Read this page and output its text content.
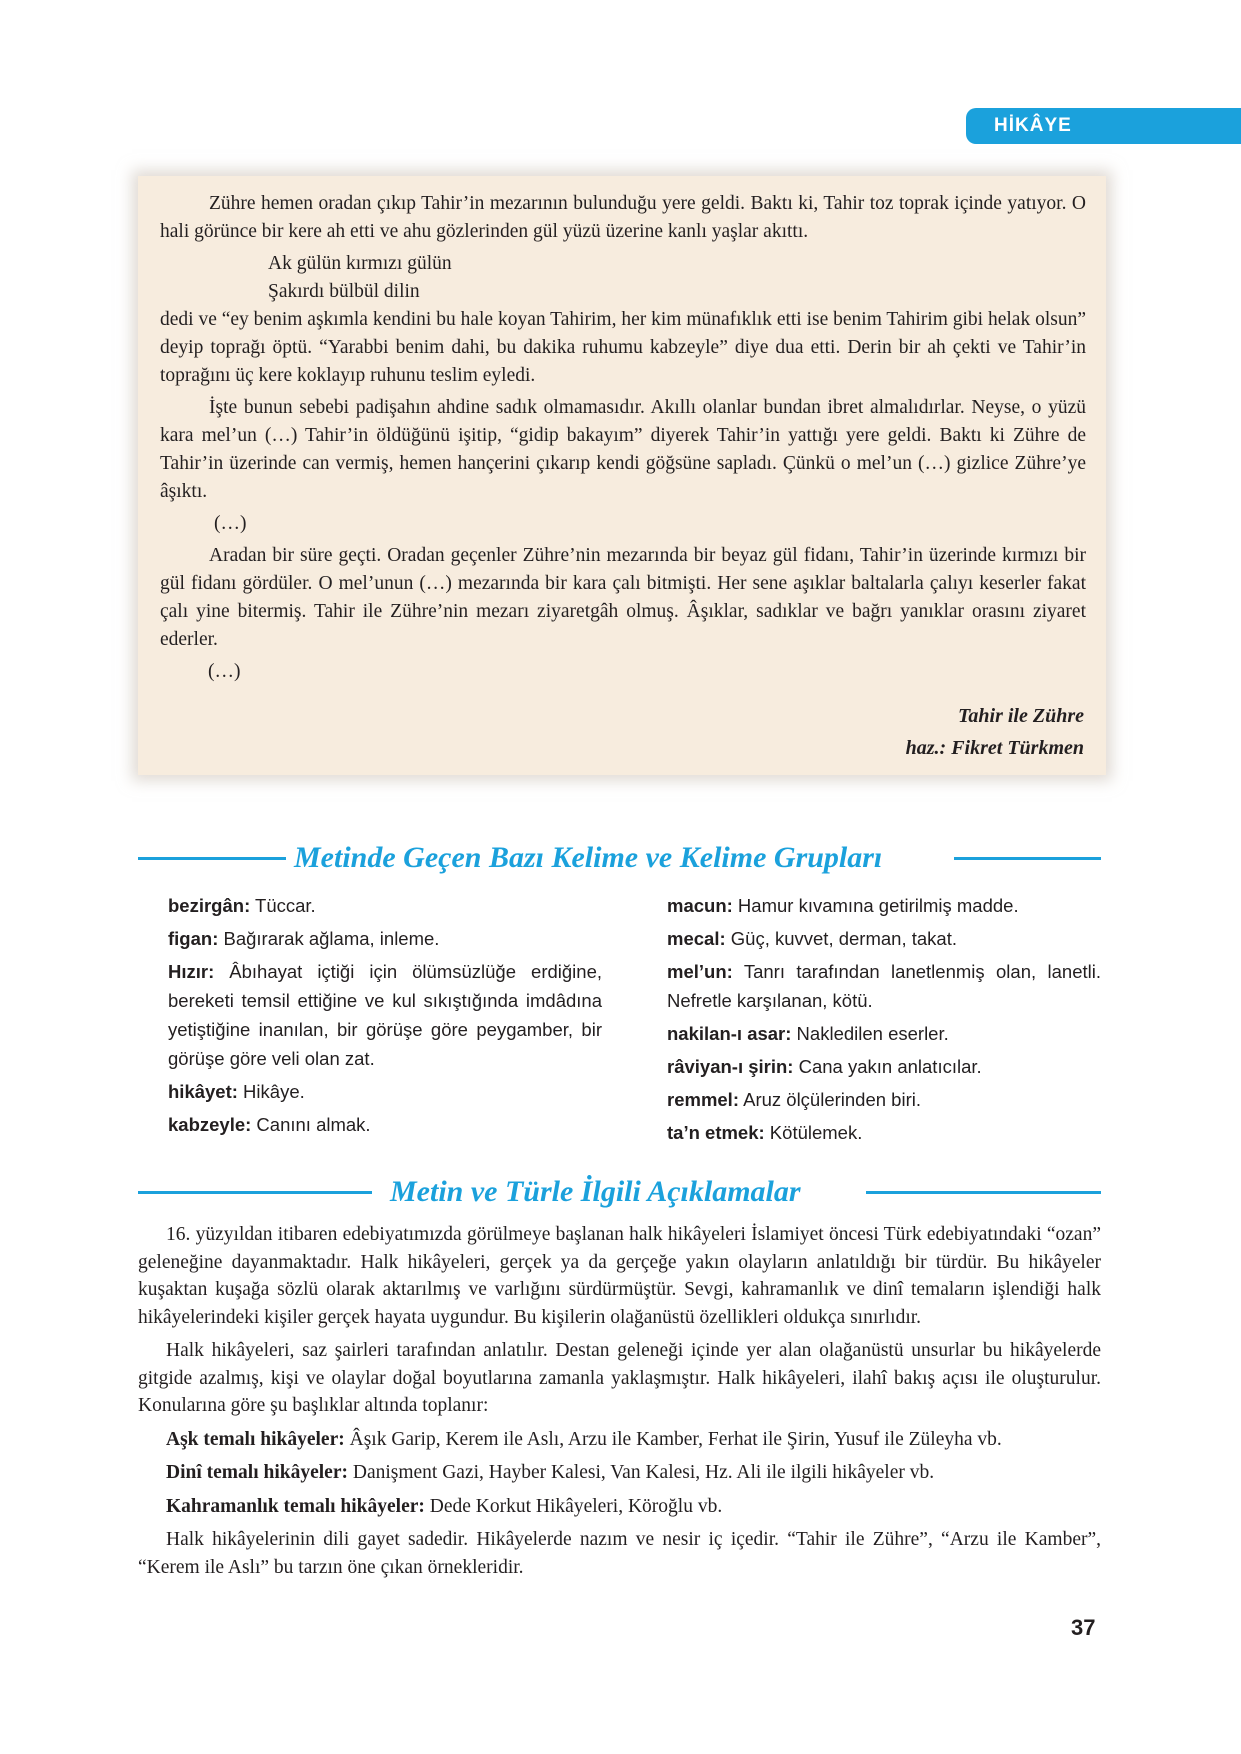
HİKÂYE

Zühre hemen oradan çıkıp Tahir’in mezarının bulunduğu yere geldi. Baktı ki, Tahir toz toprak içinde yatıyor. O hali görünce bir kere ah etti ve ahu gözlerinden gül yüzü üzerine kanlı yaşlar akıttı.

Ak gülün kırmızı gülün

Şakırdı bülbül dilin

dedi ve “ey benim aşkımla kendini bu hale koyan Tahirim, her kim münafıklık etti ise benim Tahirim gibi helak olsun” deyip toprağı öptü. “Yarabbi benim dahi, bu dakika ruhumu kabzeyle” diye dua etti. Derin bir ah çekti ve Tahir’in toprağını üç kere koklayıp ruhunu teslim eyledi.

İşte bunun sebebi padişahın ahdine sadık olmamasıdır. Akıllı olanlar bundan ibret almalıdırlar. Neyse, o yüzü kara mel’un (…) Tahir’in öldüğünü işitip, “gidip bakayım” diyerek Tahir’in yattığı yere geldi. Baktı ki Zühre de Tahir’in üzerinde can vermiş, hemen hançerini çıkarıp kendi göğsüne sapladı. Çünkü o mel’un (…) gizlice Zühre’ye âşıktı.

(…)

Aradan bir süre geçti. Oradan geçenler Zühre’nin mezarında bir beyaz gül fidanı, Tahir’in üzerinde kırmızı bir gül fidanı gördüler. O mel’unun (…) mezarında bir kara çalı bitmişti. Her sene aşıklar baltalarla çalıyı keserler fakat çalı yine bitermiş. Tahir ile Zühre’nin mezarı ziyaretgâh olmuş. Âşıklar, sadıklar ve bağrı yanıklar orasını ziyaret ederler.

(…)

Tahir ile Zühre
haz.: Fikret Türkmen
Metinde Geçen Bazı Kelime ve Kelime Grupları

bezirgân: Tüccar.

figan: Bağırarak ağlama, inleme.

Hızır: Âbıhayat içtiği için ölümsüzlüğe erdiğine, bereketi temsil ettiğine ve kul sıkıştığında imdâdına yetiştiğine inanılan, bir görüşe göre peygamber, bir görüşe göre veli olan zat.

hikâyet: Hikâye.

kabzeyle: Canını almak.

macun: Hamur kıvamına getirilmiş madde.

mecal: Güç, kuvvet, derman, takat.

mel’un: Tanrı tarafından lanetlenmiş olan, lanetli. Nefretle karşılanan, kötü.

nakilan-ı asar: Nakledilen eserler.

râviyan-ı şirin: Cana yakın anlatıcılar.

remmel: Aruz ölçülerinden biri.

ta’n etmek: Kötülemek.

Metin ve Türle İlgili Açıklamalar

16. yüzyıldan itibaren edebiyatımızda görülmeye başlanan halk hikâyeleri İslamiyet öncesi Türk edebiyatındaki “ozan” geleneğine dayanmaktadır. Halk hikâyeleri, gerçek ya da gerçeğe yakın olayların anlatıldığı bir türdür. Bu hikâyeler kuşaktan kuşağa sözlü olarak aktarılmış ve varlığını sürdürmüştür. Sevgi, kahramanlık ve dinî temaların işlendiği halk hikâyelerindeki kişiler gerçek hayata uygundur. Bu kişilerin olağanüstü özellikleri oldukça sınırlıdır.

Halk hikâyeleri, saz şairleri tarafından anlatılır. Destan geleneği içinde yer alan olağanüstü unsurlar bu hikâyelerde gitgide azalmış, kişi ve olaylar doğal boyutlarına zamanla yaklaşmıştır. Halk hikâyeleri, ilahî bakış açısı ile oluşturulur. Konularına göre şu başlıklar altında toplanır:

Aşk temalı hikâyeler: Âşık Garip, Kerem ile Aslı, Arzu ile Kamber, Ferhat ile Şirin, Yusuf ile Züleyha vb.

Dinî temalı hikâyeler: Danişment Gazi, Hayber Kalesi, Van Kalesi, Hz. Ali ile ilgili hikâyeler vb.

Kahramanlık temalı hikâyeler: Dede Korkut Hikâyeleri, Köroğlu vb.

Halk hikâyelerinin dili gayet sadedir. Hikâyelerde nazım ve nesir iç içedir. “Tahir ile Zühre”, “Arzu ile Kamber”, “Kerem ile Aslı” bu tarzın öne çıkan örnekleridir.

37
